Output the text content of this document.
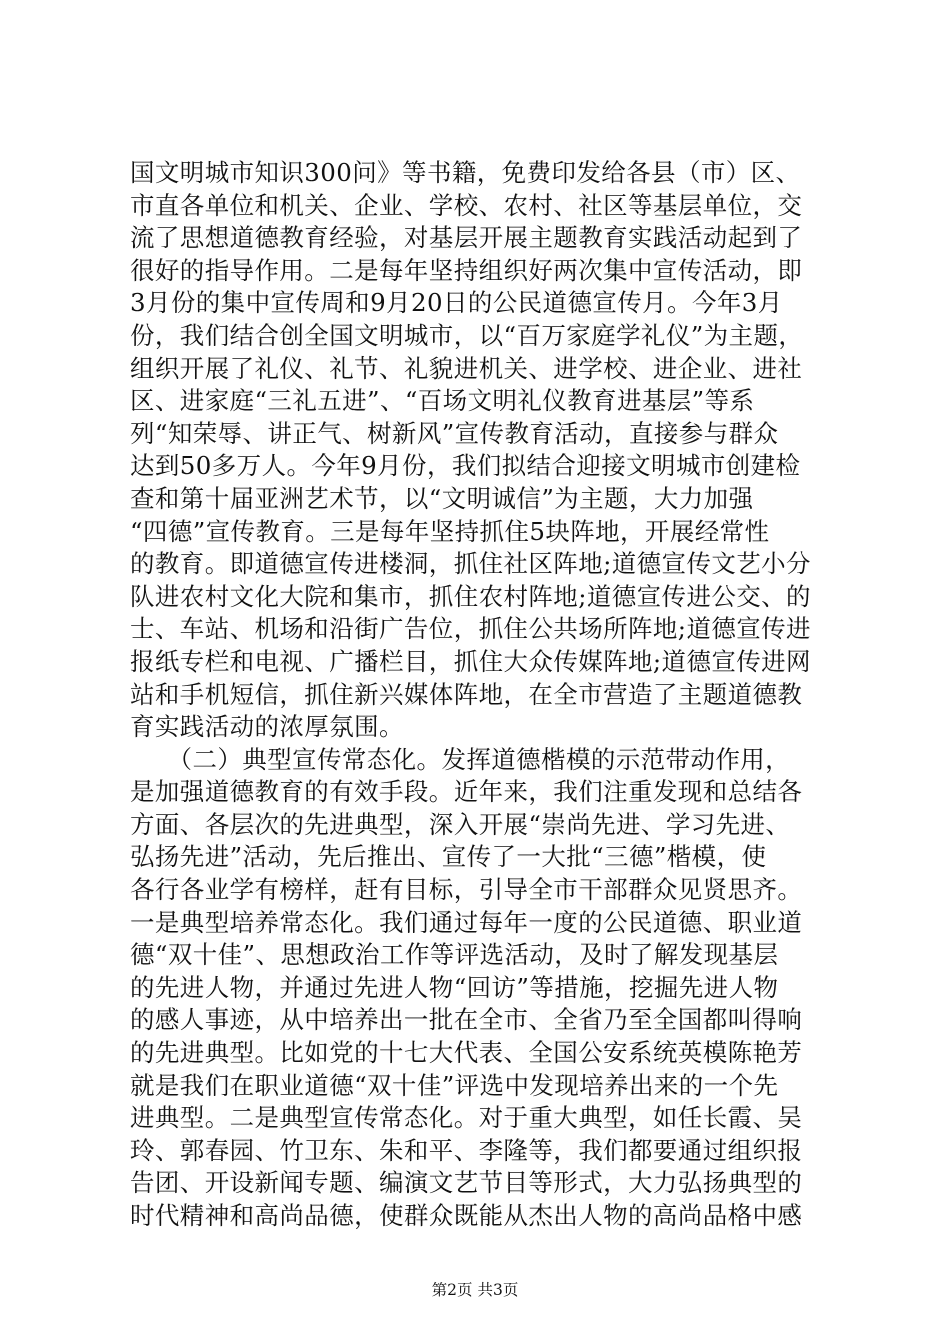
国文明城市知识300问》等书籍，免费印发给各县（市）区、
市直各单位和机关、企业、学校、农村、社区等基层单位，交
流了思想道德教育经验，对基层开展主题教育实践活动起到了
很好的指导作用。二是每年坚持组织好两次集中宣传活动，即
3月份的集中宣传周和9月20日的公民道德宣传月。今年3月
份，我们结合创全国文明城市，以“百万家庭学礼仪”为主题，
组织开展了礼仪、礼节、礼貌进机关、进学校、进企业、进社
区、进家庭“三礼五进”、“百场文明礼仪教育进基层”等系
列“知荣辱、讲正气、树新风”宣传教育活动，直接参与群众
达到50多万人。今年9月份，我们拟结合迎接文明城市创建检
查和第十届亚洲艺术节，以“文明诚信”为主题，大力加强
“四德”宣传教育。三是每年坚持抓住5块阵地，开展经常性
的教育。即道德宣传进楼洞，抓住社区阵地;道德宣传文艺小分
队进农村文化大院和集市，抓住农村阵地;道德宣传进公交、的
士、车站、机场和沿街广告位，抓住公共场所阵地;道德宣传进
报纸专栏和电视、广播栏目，抓住大众传媒阵地;道德宣传进网
站和手机短信，抓住新兴媒体阵地，在全市营造了主题道德教
育实践活动的浓厚氛围。
　　（二）典型宣传常态化。发挥道德楷模的示范带动作用，
是加强道德教育的有效手段。近年来，我们注重发现和总结各
方面、各层次的先进典型，深入开展“崇尚先进、学习先进、
弘扬先进”活动，先后推出、宣传了一大批“三德”楷模，使
各行各业学有榜样，赶有目标，引导全市干部群众见贤思齐。
一是典型培养常态化。我们通过每年一度的公民道德、职业道
德“双十佳”、思想政治工作等评选活动，及时了解发现基层
的先进人物，并通过先进人物“回访”等措施，挖掘先进人物
的感人事迹，从中培养出一批在全市、全省乃至全国都叫得响
的先进典型。比如党的十七大代表、全国公安系统英模陈艳芳
就是我们在职业道德“双十佳”评选中发现培养出来的一个先
进典型。二是典型宣传常态化。对于重大典型，如任长霞、吴
玲、郭春园、竹卫东、朱和平、李隆等，我们都要通过组织报
告团、开设新闻专题、编演文艺节目等形式，大力弘扬典型的
时代精神和高尚品德，使群众既能从杰出人物的高尚品格中感
第2页 共3页
